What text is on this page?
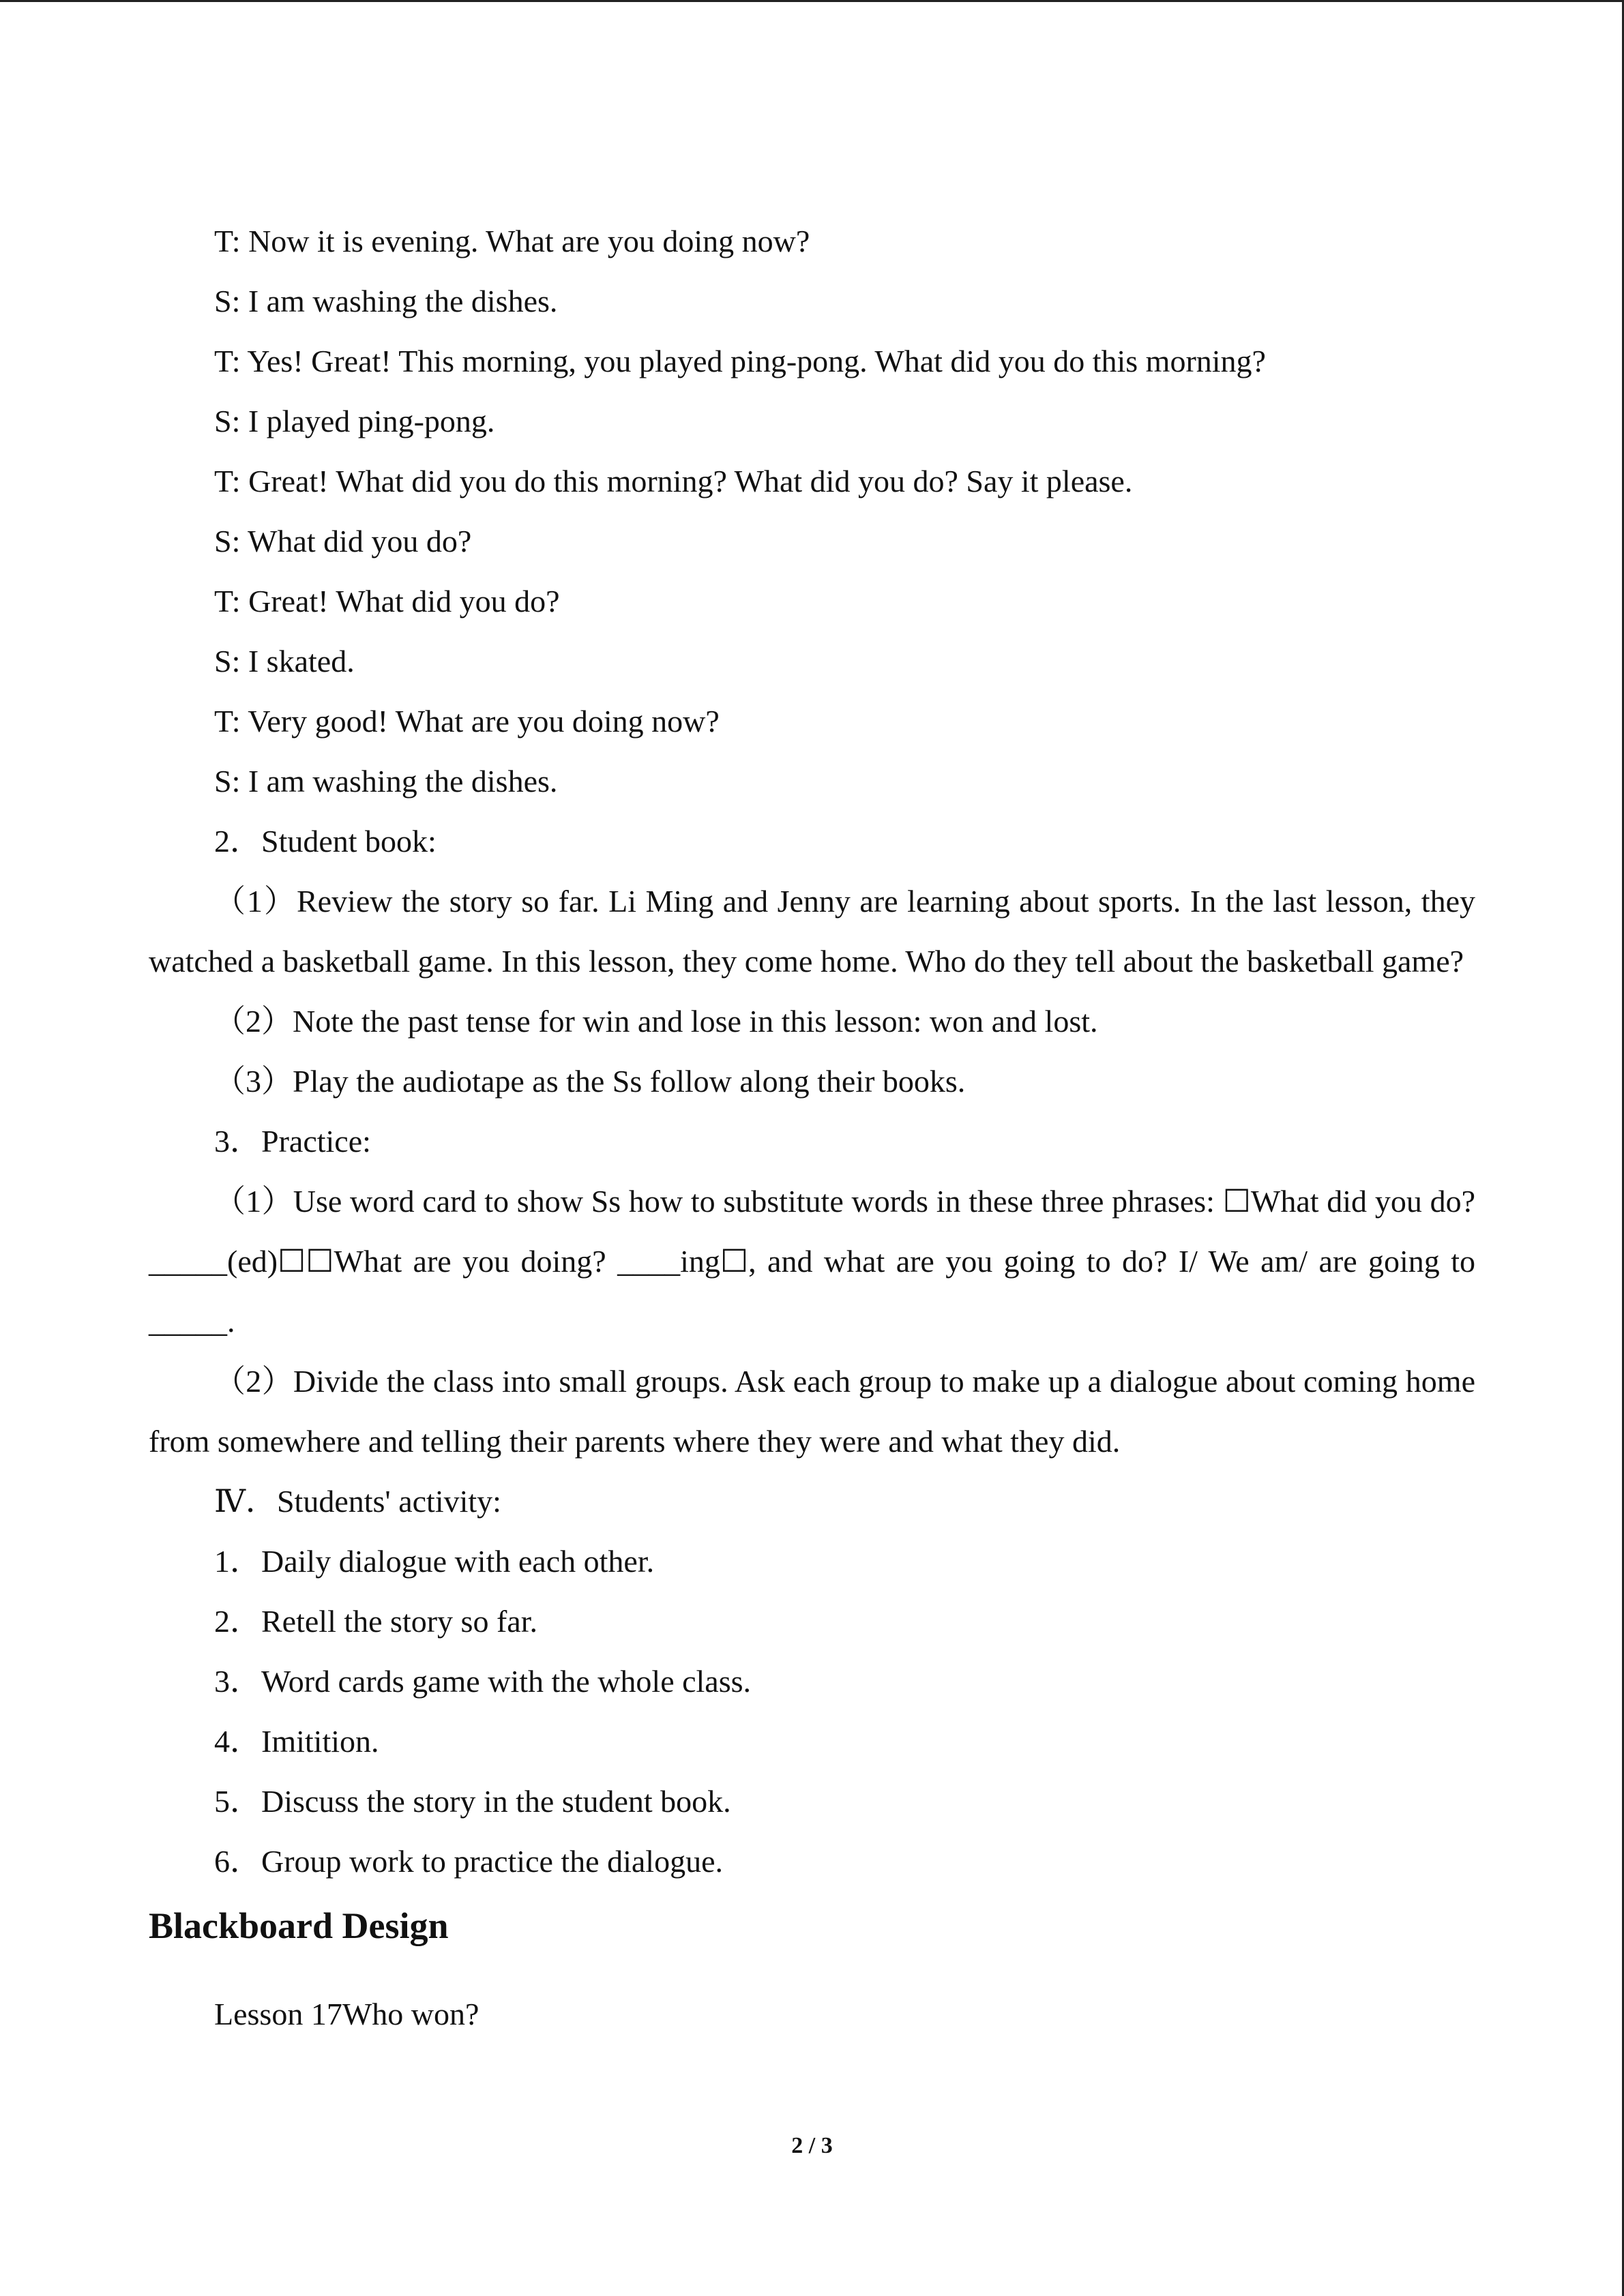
T: Now it is evening. What are you doing now?

S: I am washing the dishes.

T: Yes! Great! This morning, you played ping-pong. What did you do this morning?

S: I played ping-pong.

T: Great! What did you do this morning? What did you do? Say it please.

S: What did you do?

T: Great! What did you do?

S: I skated.

T: Very good! What are you doing now?

S: I am washing the dishes.

2．Student book:

（1）Review the story so far. Li Ming and Jenny are learning about sports. In the last lesson, they watched a basketball game. In this lesson, they come home. Who do they tell about the basketball game?

（2）Note the past tense for win and lose in this lesson: won and lost.

（3）Play the audiotape as the Ss follow along their books.

3．Practice:

（1）Use word card to show Ss how to substitute words in these three phrases: ☐What did you do? _____(ed)☐☐What are you doing? ____ing☐, and what are you going to do? I/ We am/ are going to _____.

（2）Divide the class into small groups. Ask each group to make up a dialogue about coming home from somewhere and telling their parents where they were and what they did.

Ⅳ．Students' activity:

1．Daily dialogue with each other.

2．Retell the story so far.

3．Word cards game with the whole class.

4．Imitition.

5．Discuss the story in the student book.

6．Group work to practice the dialogue.

Blackboard Design

Lesson 17Who won?

2 / 3
